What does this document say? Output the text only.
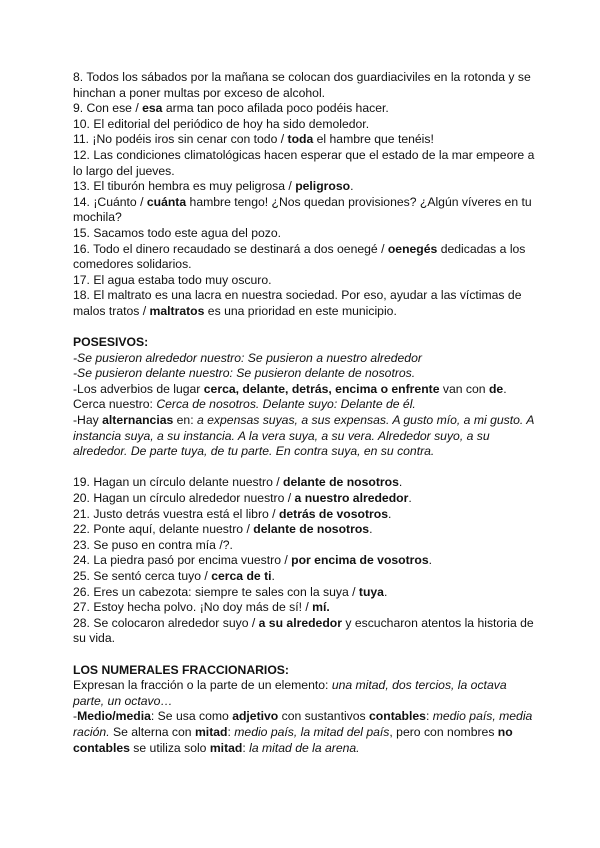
8. Todos los sábados por la mañana se colocan dos guardiaciviles en la rotonda y se hinchan a poner multas por exceso de alcohol.

9. Con ese / esa arma tan poco afilada poco podéis hacer.

10. El editorial del periódico de hoy ha sido demoledor.

11. ¡No podéis iros sin cenar con todo / toda el hambre que tenéis!

12. Las condiciones climatológicas hacen esperar que el estado de la mar empeore a lo largo del jueves.

13. El tiburón hembra es muy peligrosa / peligroso.

14. ¡Cuánto / cuánta hambre tengo! ¿Nos quedan provisiones? ¿Algún víveres en tu mochila?

15. Sacamos todo este agua del pozo.

16. Todo el dinero recaudado se destinará a dos oenegé / oenegés dedicadas a los comedores solidarios.

17. El agua estaba todo muy oscuro.

18. El maltrato es una lacra en nuestra sociedad. Por eso, ayudar a las víctimas de malos tratos / maltratos es una prioridad en este municipio.

POSESIVOS:

-Se pusieron alrededor nuestro: Se pusieron a nuestro alrededor

-Se pusieron delante nuestro: Se pusieron delante de nosotros.

-Los adverbios de lugar cerca, delante, detrás, encima o enfrente van con de.

Cerca nuestro: Cerca de nosotros. Delante suyo: Delante de él.

-Hay alternancias en: a expensas suyas, a sus expensas. A gusto mío, a mi gusto. A instancia suya, a su instancia. A la vera suya, a su vera. Alrededor suyo, a su alrededor. De parte tuya, de tu parte. En contra suya, en su contra.

19. Hagan un círculo delante nuestro / delante de nosotros.

20. Hagan un círculo alrededor nuestro / a nuestro alrededor.

21. Justo detrás vuestra está el libro / detrás de vosotros.

22. Ponte aquí, delante nuestro / delante de nosotros.

23. Se puso en contra mía /?.

24. La piedra pasó por encima vuestro / por encima de vosotros.

25. Se sentó cerca tuyo / cerca de ti.

26. Eres un cabezota: siempre te sales con la suya / tuya.

27. Estoy hecha polvo. ¡No doy más de sí! / mí.

28. Se colocaron alrededor suyo / a su alrededor y escucharon atentos la historia de su vida.

LOS NUMERALES FRACCIONARIOS:

Expresan la fracción o la parte de un elemento: una mitad, dos tercios, la octava parte, un octavo…

-Medio/media: Se usa como adjetivo con sustantivos contables: medio país, media ración. Se alterna con mitad: medio país, la mitad del país, pero con nombres no contables se utiliza solo mitad: la mitad de la arena.
